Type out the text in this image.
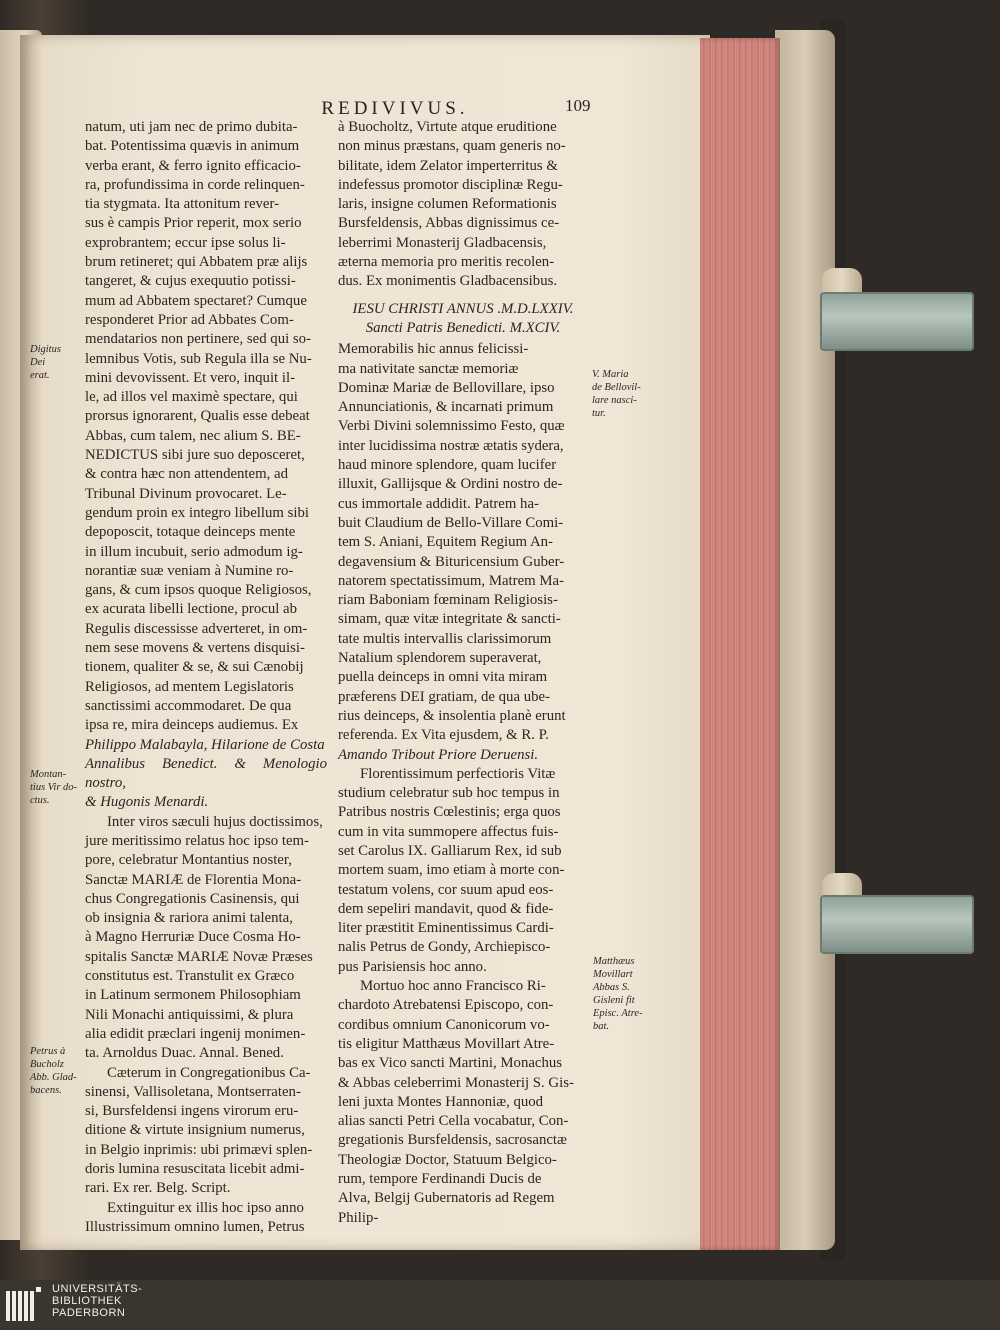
REDIVIVUS.	109
natum, uti jam nec de primo dubita-
bat. Potentissima quævis in animum
verba erant, & ferro ignito efficacio-
ra, profundissima in corde relinquen-
tia stygmata. Ita attonitum rever-
sus è campis Prior reperit, mox serio
exprobrantem; eccur ipse solus li-
brum retineret; qui Abbatem præ alijs
tangeret, & cujus exequutio potissi-
mum ad Abbatem spectaret? Cumque
responderet Prior ad Abbates Com-
mendatarios non pertinere, sed qui so-
lemnibus Votis, sub Regula illa se Nu-
mini devovissent. Et vero, inquit il-
le, ad illos vel maximè spectare, qui
prorsus ignorarent, Qualis esse debeat
Abbas, cum talem, nec alium S. BE-
NEDICTUS sibi jure suo deposceret,
& contra hæc non attendentem, ad
Tribunal Divinum provocaret. Le-
gendum proin ex integro libellum sibi
depoposcit, totaque deinceps mente
in illum incubuit, serio admodum ig-
norantiæ suæ veniam à Numine ro-
gans, & cum ipsos quoque Religiosos,
ex acurata libelli lectione, procul ab
Regulis discessisse adverteret, in om-
nem sese movens & vertens disquisi-
tionem, qualiter & se, & sui Cænobij
Religiosos, ad mentem Legislatoris
sanctissimi accommodaret. De qua
ipsa re, mira deinceps audiemus. Ex
Philippo Malabayla, Hilarione de Costa
Annalibus Benedict. & Menologio nostro,
& Hugonis Menardi.
Inter viros sæculi hujus doctissimos,
jure meritissimo relatus hoc ipso tem-
pore, celebratur Montantius noster,
Sanctæ MARIÆ de Florentia Mona-
chus Congregationis Casinensis, qui
ob insignia & rariora animi talenta,
à Magno Herruriæ Duce Cosma Ho-
spitalis Sanctæ MARIÆ Novæ Præses
constitutus est. Transtulit ex Græco
in Latinum sermonem Philosophiam
Nili Monachi antiquissimi, & plura
alia edidit præclari ingenij monimen-
ta. Arnoldus Duac. Annal. Bened.
Cæterum in Congregationibus Ca-
sinensi, Vallisoletana, Montserraten-
si, Bursfeldensi ingens virorum eru-
ditione & virtute insignium numerus,
in Belgio inprimis: ubi primævi splen-
doris lumina resuscitata licebit admi-
rari. Ex rer. Belg. Script.
Extinguitur ex illis hoc ipso anno
Illustrissimum omnino lumen, Petrus
à Buocholtz, Virtute atque eruditione
non minus præstans, quam generis no-
bilitate, idem Zelator imperterritus &
indefessus promotor disciplinæ Regu-
laris, insigne columen Reformationis
Bursfeldensis, Abbas dignissimus ce-
leberrimi Monasterij Gladbacensis,
æterna memoria pro meritis recolen-
dus. Ex monimentis Gladbacensibus.
IESU CHRISTI ANNUS .M.D.LXXIV.
Sancti Patris Benedicti. M.XCIV.
Memorabilis hic annus felicissi-
ma nativitate sanctæ memoriæ
Dominæ Mariæ de Bellovillare, ipso
Annunciationis, & incarnati primum
Verbi Divini solemnissimo Festo, quæ
inter lucidissima nostræ ætatis sydera,
haud minore splendore, quam lucifer
illuxit, Gallijsque & Ordini nostro de-
cus immortale addidit. Patrem ha-
buit Claudium de Bello-Villare Comi-
tem S. Aniani, Equitem Regium An-
degavensium & Bituricensium Guber-
natorem spectatissimum, Matrem Ma-
riam Baboniam fœminam Religiosis-
simam, quæ vitæ integritate & sancti-
tate multis intervallis clarissimorum
Natalium splendorem superaverat,
puella deinceps in omni vita miram
præferens DEI gratiam, de qua ube-
rius deinceps, & insolentia planè erunt
referenda. Ex Vita ejusdem, & R. P.
Amando Tribout Priore Deruensi.
Florentissimum perfectioris Vitæ
studium celebratur sub hoc tempus in
Patribus nostris Cœlestinis; erga quos
cum in vita summopere affectus fuis-
set Carolus IX. Galliarum Rex, id sub
mortem suam, imo etiam à morte con-
testatum volens, cor suum apud eos-
dem sepeliri mandavit, quod & fide-
liter præstitit Eminentissimus Cardi-
nalis Petrus de Gondy, Archiepisco-
pus Parisiensis hoc anno.
Mortuo hoc anno Francisco Ri-
chardoto Atrebatensi Episcopo, con-
cordibus omnium Canonicorum vo-
tis eligitur Matthæus Movillart Atre-
bas ex Vico sancti Martini, Monachus
& Abbas celeberrimi Monasterij S. Gis-
leni juxta Montes Hannoniæ, quod
alias sancti Petri Cella vocabatur, Con-
gregationis Bursfeldensis, sacrosanctæ
Theologiæ Doctor, Statuum Belgico-
rum, tempore Ferdinandi Ducis de
Alva, Belgij Gubernatoris ad Regem
Philip-
Digitus Dei
erat.
Montan-
tius Vir do-
ctus.
Petrus à
Bucholz
Abb. Glad-
bacens.
V. Maria
de Bellovil-
lare nasci-
tur.
Matthæus
Movillart
Abbas S.
Gisleni fit
Episc. Atre-
bat.
UNIVERSITÄTS-
BIBLIOTHEK
PADERBORN
